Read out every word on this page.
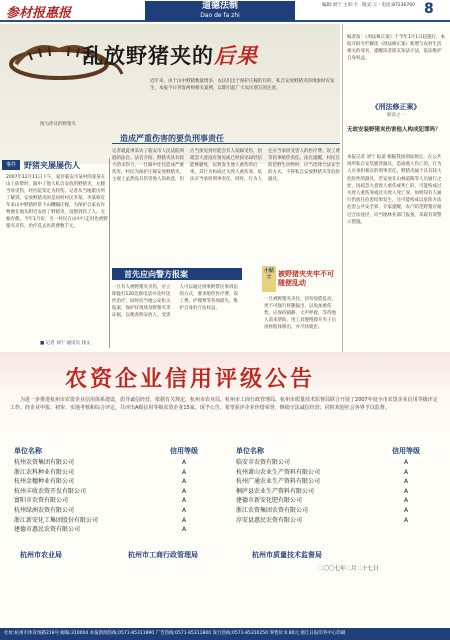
参材报惠报	道德法制
Dao de fa zhi
编辑:刘宁 主审:卡 · 版式:王 · 电话:87236760 8
图为涉及的野猪夹
乱放野猪夹的后果
近年来，由于山中野猪数量增多，农民们出于保护庄稼的目的，私自安放野猪夹的现象时有发生，本报今日刊发两则相关案例，以期引起广大农民朋友的注意。
编者按：《刑法修正案》于今年1月1日起施行，本报开辟专栏解读《刑法修正案》新增与农村生活相关的罪名，提醒读者朋友知法守法，依法维护自身权益。
《刑法修正案》
解读之一
无故安装野猪夹伤害他人构成犯罪吗？
本报记者 刘宁 报道 根据我国刑法规定，在公共场所私自安装捕兽器具，造成他人伤亡的，行为人应承担相应的刑事责任。野猪夹属于具有较大危险性的器具，若安放在山林道路等人员通行之处，因疏忽大意致人重伤或死亡的，可能构成过失致人重伤罪或过失致人死亡罪。如明知有人通行仍放任危害结果发生，还可能构成以危险方法危害公共安全罪。专家提醒，农户防范野猪应通过合法途径，向当地林业部门报备，采取有效警示措施。
事件	野猪夹屡屡伤人
2007年12月11日下午，家住临安市某村的张某在山上砍柴时，踩中了他人私自安放的野猪夹，左腿当场受伤，经医院鉴定为轻伤。记者从当地派出所了解到，安放野猪夹的是同村村民李某，李某称近年来山中野猪经常下山糟蹋庄稼，为保护自家农作物便在地头附近安放了野猪夹，没想到伤了人。无独有偶，今年1月份，另一村民在山中行走时也被野猪夹夹伤，治疗花去医药费数千元。
■ 记者 刘宁 通讯员 钱文
造成严重伤害的要负刑事责任
记者就此事采访了临安市人民法院刑庭的法官。法官介绍，野猪夹具有较大的杀伤力，一旦踩中往往造成严重伤害，村民为保护庄稼安放野猪夹，主观上虽然没有伤害他人的故意，但应当预见到可能会有人误踩受伤，因疏忽大意没有预见或已经预见却轻信能够避免，以致发生他人重伤的后果，其行为构成过失致人重伤罪，依法应当承担刑事责任。同时，行为人还应当承担受害人的医疗费、误工费等民事赔偿责任。法官提醒，村民在防范野生动物时，应当选择合法安全的方式，不得私自安放野猪夹等危险器具。
首先应向警方报案
一旦有人被野猪夹夹伤，应立即拨打120急救电话并及时送医治疗，同时向当地公安机关报案，保护好现场及野猪夹等证据，以便查明安放人。受害人可以通过刑事附带民事诉讼的方式，要求赔偿医疗费、误工费、护理费等各项损失，维护自身的合法权益。
小贴士 被野猪夹夹牢不可随便乱动
一旦被野猪夹夹住，切勿惊慌乱动，更不可强行将腿拔出，以免加重伤势。应保持镇静，大声呼救，等待他人前来帮助，用工具慢慢撑开夹子后再将肢体移出，并尽快就医。
农资企业信用评级公告
为进一步推进杭州市农资企业信用体系建设，倡导诚信经营，依据有关规定，杭州市农业局、杭州市工商行政管理局、杭州市质量技术监督局联合开展了2007年度全市农资企业信用等级评定工作。经企业申报、初审、实地考核和综合评定，共评出A级信用等级农资企业15家，现予公告。希望获评企业珍惜荣誉，继续守法诚信经营；同时欢迎社会各界予以监督。
单位名称	信用等级
杭州农资集团有限公司	A
浙江农科种业有限公司	A
杭州金穗种业有限公司	A
杭州丰收农资开发有限公司	A
富阳市农资有限公司	A
杭州绿洲农资有限公司	A
浙江新安化工集团股份有限公司	A
建德市惠民农资有限公司	A
单位名称	信用等级
临安市农资有限公司	A
杭州萧山农业生产资料有限公司	A
杭州广通农业生产资料有限公司	A
桐庐县农业生产资料有限公司	A
建德市新安化肥有限公司	A
浙江农资集团农资有限公司	A
淳安县惠民农资有限公司	A
杭州市农业局	杭州市工商行政管理局	杭州市质量技术监督局
二〇〇七年二月二十七日
社址:杭州市体育场路218号 邮编:310004 本报新闻热线:0571-85311890 广告热线:0571-85311800 发行热线:0571-85310250 零售价:0.80元 浙江日报印务中心印刷
